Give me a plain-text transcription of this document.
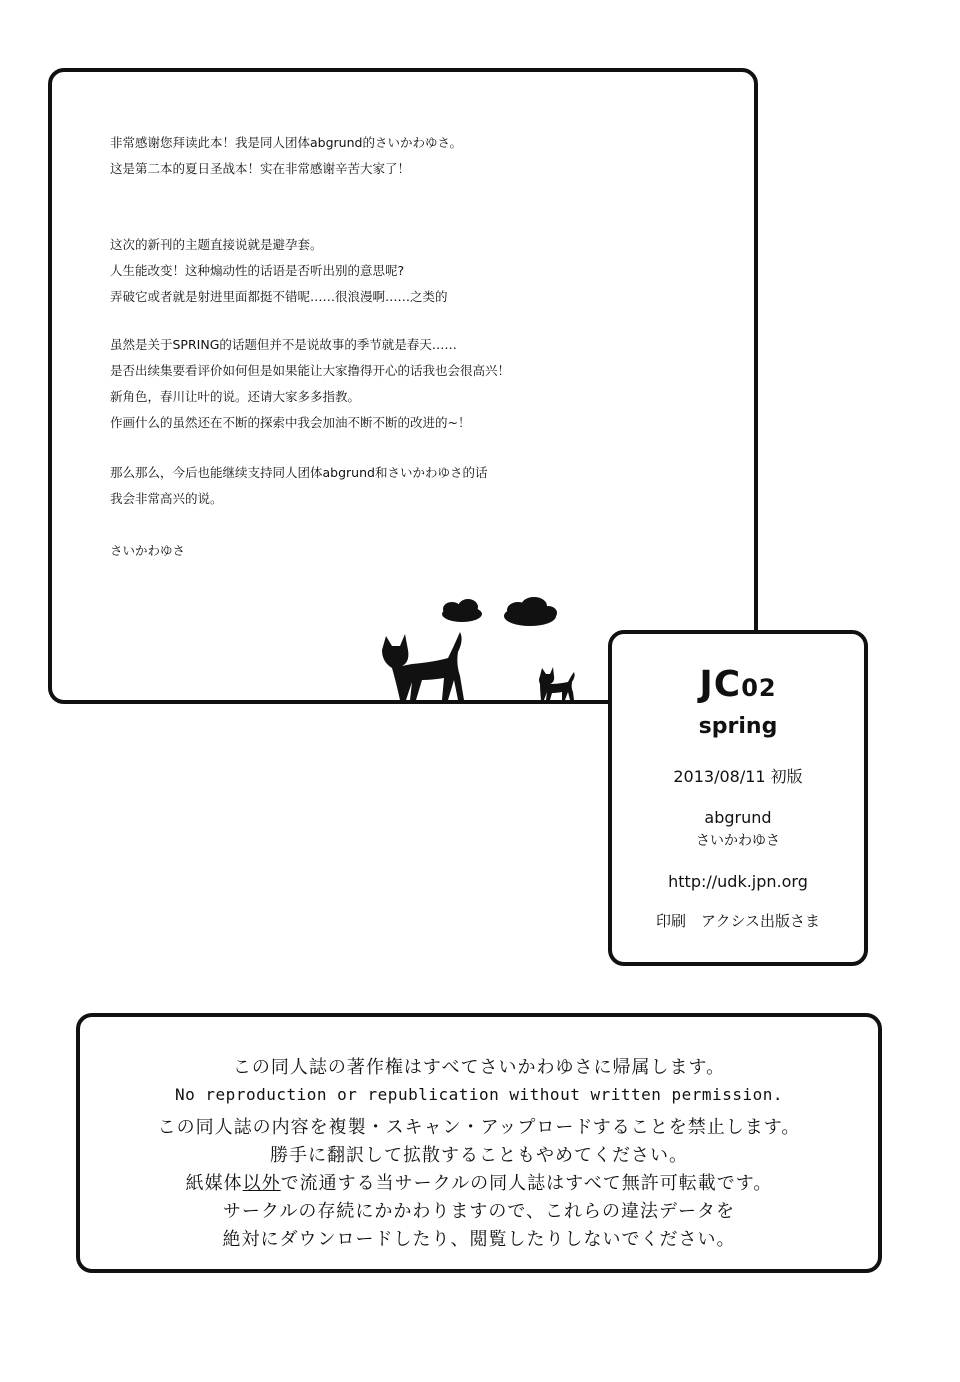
非常感谢您拜读此本！我是同人团体abgrund的さいかわゆさ。
这是第二本的夏日圣战本！实在非常感谢辛苦大家了！
这次的新刊的主题直接说就是避孕套。
人生能改变！这种煽动性的话语是否听出别的意思呢?
弄破它或者就是射进里面都挺不错呢……很浪漫啊……之类的
虽然是关于SPRING的话题但并不是说故事的季节就是春天……
是否出续集要看评价如何但是如果能让大家撸得开心的话我也会很高兴！
新角色，春川让叶的说。还请大家多多指教。
作画什么的虽然还在不断的探索中我会加油不断不断的改进的~！
那么那么，今后也能继续支持同人团体abgrund和さいかわゆさ的话
我会非常高兴的说。
さいかわゆさ
JC02
spring
2013/08/11 初版
abgrund
さいかわゆさ
http://udk.jpn.org
印刷　アクシス出版さま
この同人誌の著作権はすべてさいかわゆさに帰属します。
No reproduction or republication without written permission.
この同人誌の内容を複製・スキャン・アップロードすることを禁止します。
勝手に翻訳して拡散することもやめてください。
紙媒体以外で流通する当サークルの同人誌はすべて無許可転載です。
サークルの存続にかかわりますので、これらの違法データを
絶対にダウンロードしたり、閲覧したりしないでください。
